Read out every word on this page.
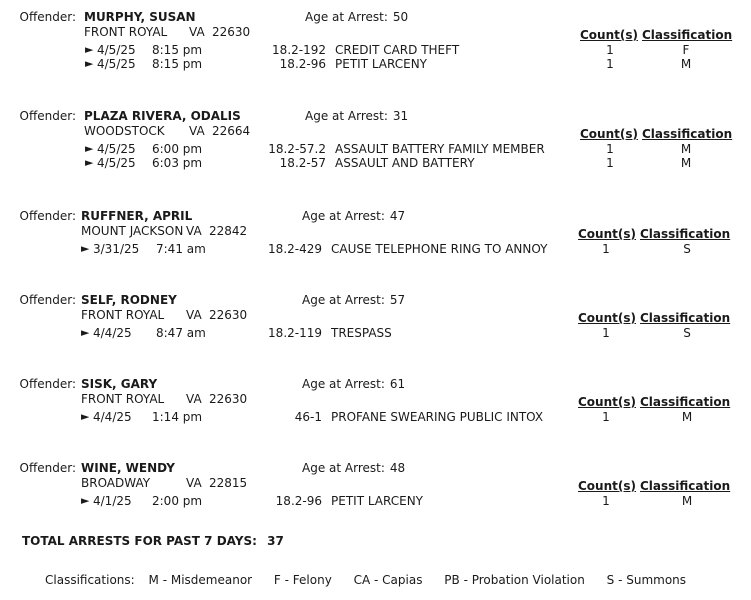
Offender: MURPHY, SUSAN
FRONT ROYAL VA 22630
Age at Arrest: 50
Count(s) Classification
► 4/5/25 8:15 pm	18.2-192 CREDIT CARD THEFT	1	F
► 4/5/25 8:15 pm	18.2-96 PETIT LARCENY	1	M
Offender: PLAZA RIVERA, ODALIS
WOODSTOCK VA 22664
Age at Arrest: 31
Count(s) Classification
► 4/5/25 6:00 pm	18.2-57.2 ASSAULT BATTERY FAMILY MEMBER	1	M
► 4/5/25 6:03 pm	18.2-57 ASSAULT AND BATTERY	1	M
Offender: RUFFNER, APRIL
MOUNT JACKSON VA 22842
Age at Arrest: 47
Count(s) Classification
► 3/31/25 7:41 am	18.2-429 CAUSE TELEPHONE RING TO ANNOY	1	S
Offender: SELF, RODNEY
FRONT ROYAL VA 22630
Age at Arrest: 57
Count(s) Classification
► 4/4/25 8:47 am	18.2-119 TRESPASS	1	S
Offender: SISK, GARY
FRONT ROYAL VA 22630
Age at Arrest: 61
Count(s) Classification
► 4/4/25 1:14 pm	46-1 PROFANE SWEARING PUBLIC INTOX	1	M
Offender: WINE, WENDY
BROADWAY	VA 22815
Age at Arrest: 48
Count(s) Classification
► 4/1/25 2:00 pm	18.2-96 PETIT LARCENY	1	M
TOTAL ARRESTS FOR PAST 7 DAYS: 37
Classifications: M - Misdemeanor F - Felony CA - Capias PB - Probation Violation S - Summons
